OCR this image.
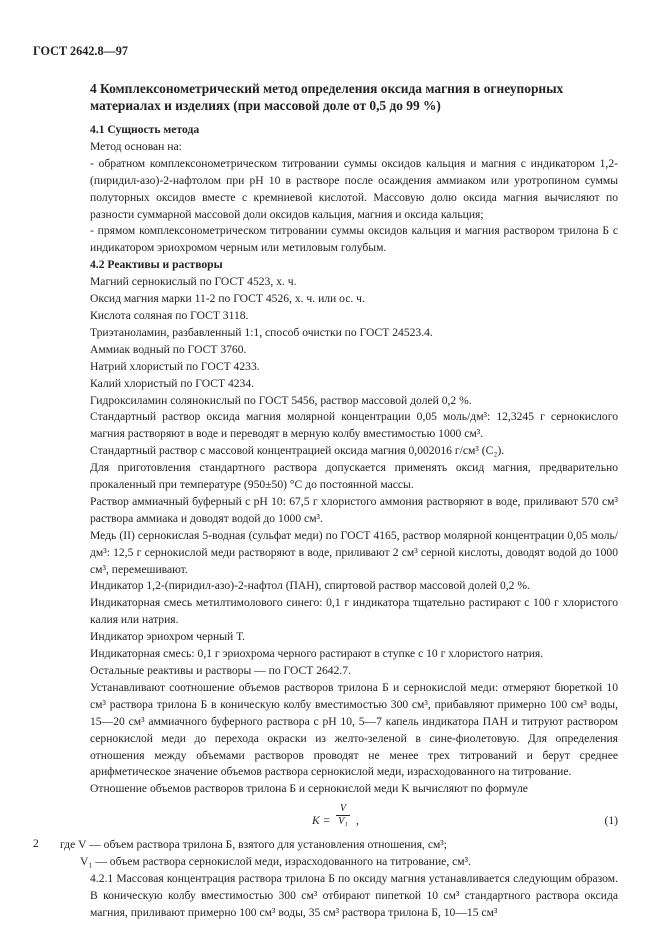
ГОСТ 2642.8—97
4 Комплексонометрический метод определения оксида магния в огнеупорных материалах и изделиях (при массовой доле от 0,5 до 99 %)

4.1 Сущность метода

Метод основан на:

- обратном комплексонометрическом титровании суммы оксидов кальция и магния с индикатором 1,2-(пиридил-азо)-2-нафтолом при pH 10 в растворе после осаждения аммиаком или уротропином суммы полуторных оксидов вместе с кремниевой кислотой. Массовую долю оксида магния вычисляют по разности суммарной массовой доли оксидов кальция, магния и оксида кальция;

- прямом комплексонометрическом титровании суммы оксидов кальция и магния раствором трилона Б с индикатором эриохромом черным или метиловым голубым.

4.2 Реактивы и растворы

Магний сернокислый по ГОСТ 4523, х. ч.

Оксид магния марки 11-2 по ГОСТ 4526, х. ч. или ос. ч.

Кислота соляная по ГОСТ 3118.

Триэтаноламин, разбавленный 1:1, способ очистки по ГОСТ 24523.4.

Аммиак водный по ГОСТ 3760.

Натрий хлористый по ГОСТ 4233.

Калий хлористый по ГОСТ 4234.

Гидроксиламин солянокислый по ГОСТ 5456, раствор массовой долей 0,2 %.

Стандартный раствор оксида магния молярной концентрации 0,05 моль/дм³: 12,3245 г сернокислого магния растворяют в воде и переводят в мерную колбу вместимостью 1000 см³.

Стандартный раствор с массовой концентрацией оксида магния 0,002016 г/см³ (C₂).

Для приготовления стандартного раствора допускается применять оксид магния, предварительно прокаленный при температуре (950±50) °С до постоянной массы.

Раствор аммиачный буферный с pH 10: 67,5 г хлористого аммония растворяют в воде, приливают 570 см³ раствора аммиака и доводят водой до 1000 см³.

Медь (II) сернокислая 5-водная (сульфат меди) по ГОСТ 4165, раствор молярной концентрации 0,05 моль/дм³: 12,5 г сернокислой меди растворяют в воде, приливают 2 см³ серной кислоты, доводят водой до 1000 см³, перемешивают.

Индикатор 1,2-(пиридил-азо)-2-нафтол (ПАН), спиртовой раствор массовой долей 0,2 %.

Индикаторная смесь метилтимолового синего: 0,1 г индикатора тщательно растирают с 100 г хлористого калия или натрия.

Индикатор эриохром черный Т.

Индикаторная смесь: 0,1 г эриохрома черного растирают в ступке с 10 г хлористого натрия.

Остальные реактивы и растворы — по ГОСТ 2642.7.

Устанавливают соотношение объемов растворов трилона Б и сернокислой меди: отмеряют бюреткой 10 см³ раствора трилона Б в коническую колбу вместимостью 300 см³, прибавляют примерно 100 см³ воды, 15—20 см³ аммиачного буферного раствора с pH 10, 5—7 капель индикатора ПАН и титруют раствором сернокислой меди до перехода окраски из желто-зеленой в сине-фиолетовую. Для определения отношения между объемами растворов проводят не менее трех титрований и берут среднее арифметическое значение объемов раствора сернокислой меди, израсходованного на титрование.

Отношение объемов растворов трилона Б и сернокислой меди K вычисляют по формуле

K =
V
V₁ ,	(1)

где V — объем раствора трилона Б, взятого для установления отношения, см³;

V₁ — объем раствора сернокислой меди, израсходованного на титрование, см³.

4.2.1 Массовая концентрация раствора трилона Б по оксиду магния устанавливается следующим образом. В коническую колбу вместимостью 300 см³ отбирают пипеткой 10 см³ стандартного раствора оксида магния, приливают примерно 100 см³ воды, 35 см³ раствора трилона Б, 10—15 см³

2
